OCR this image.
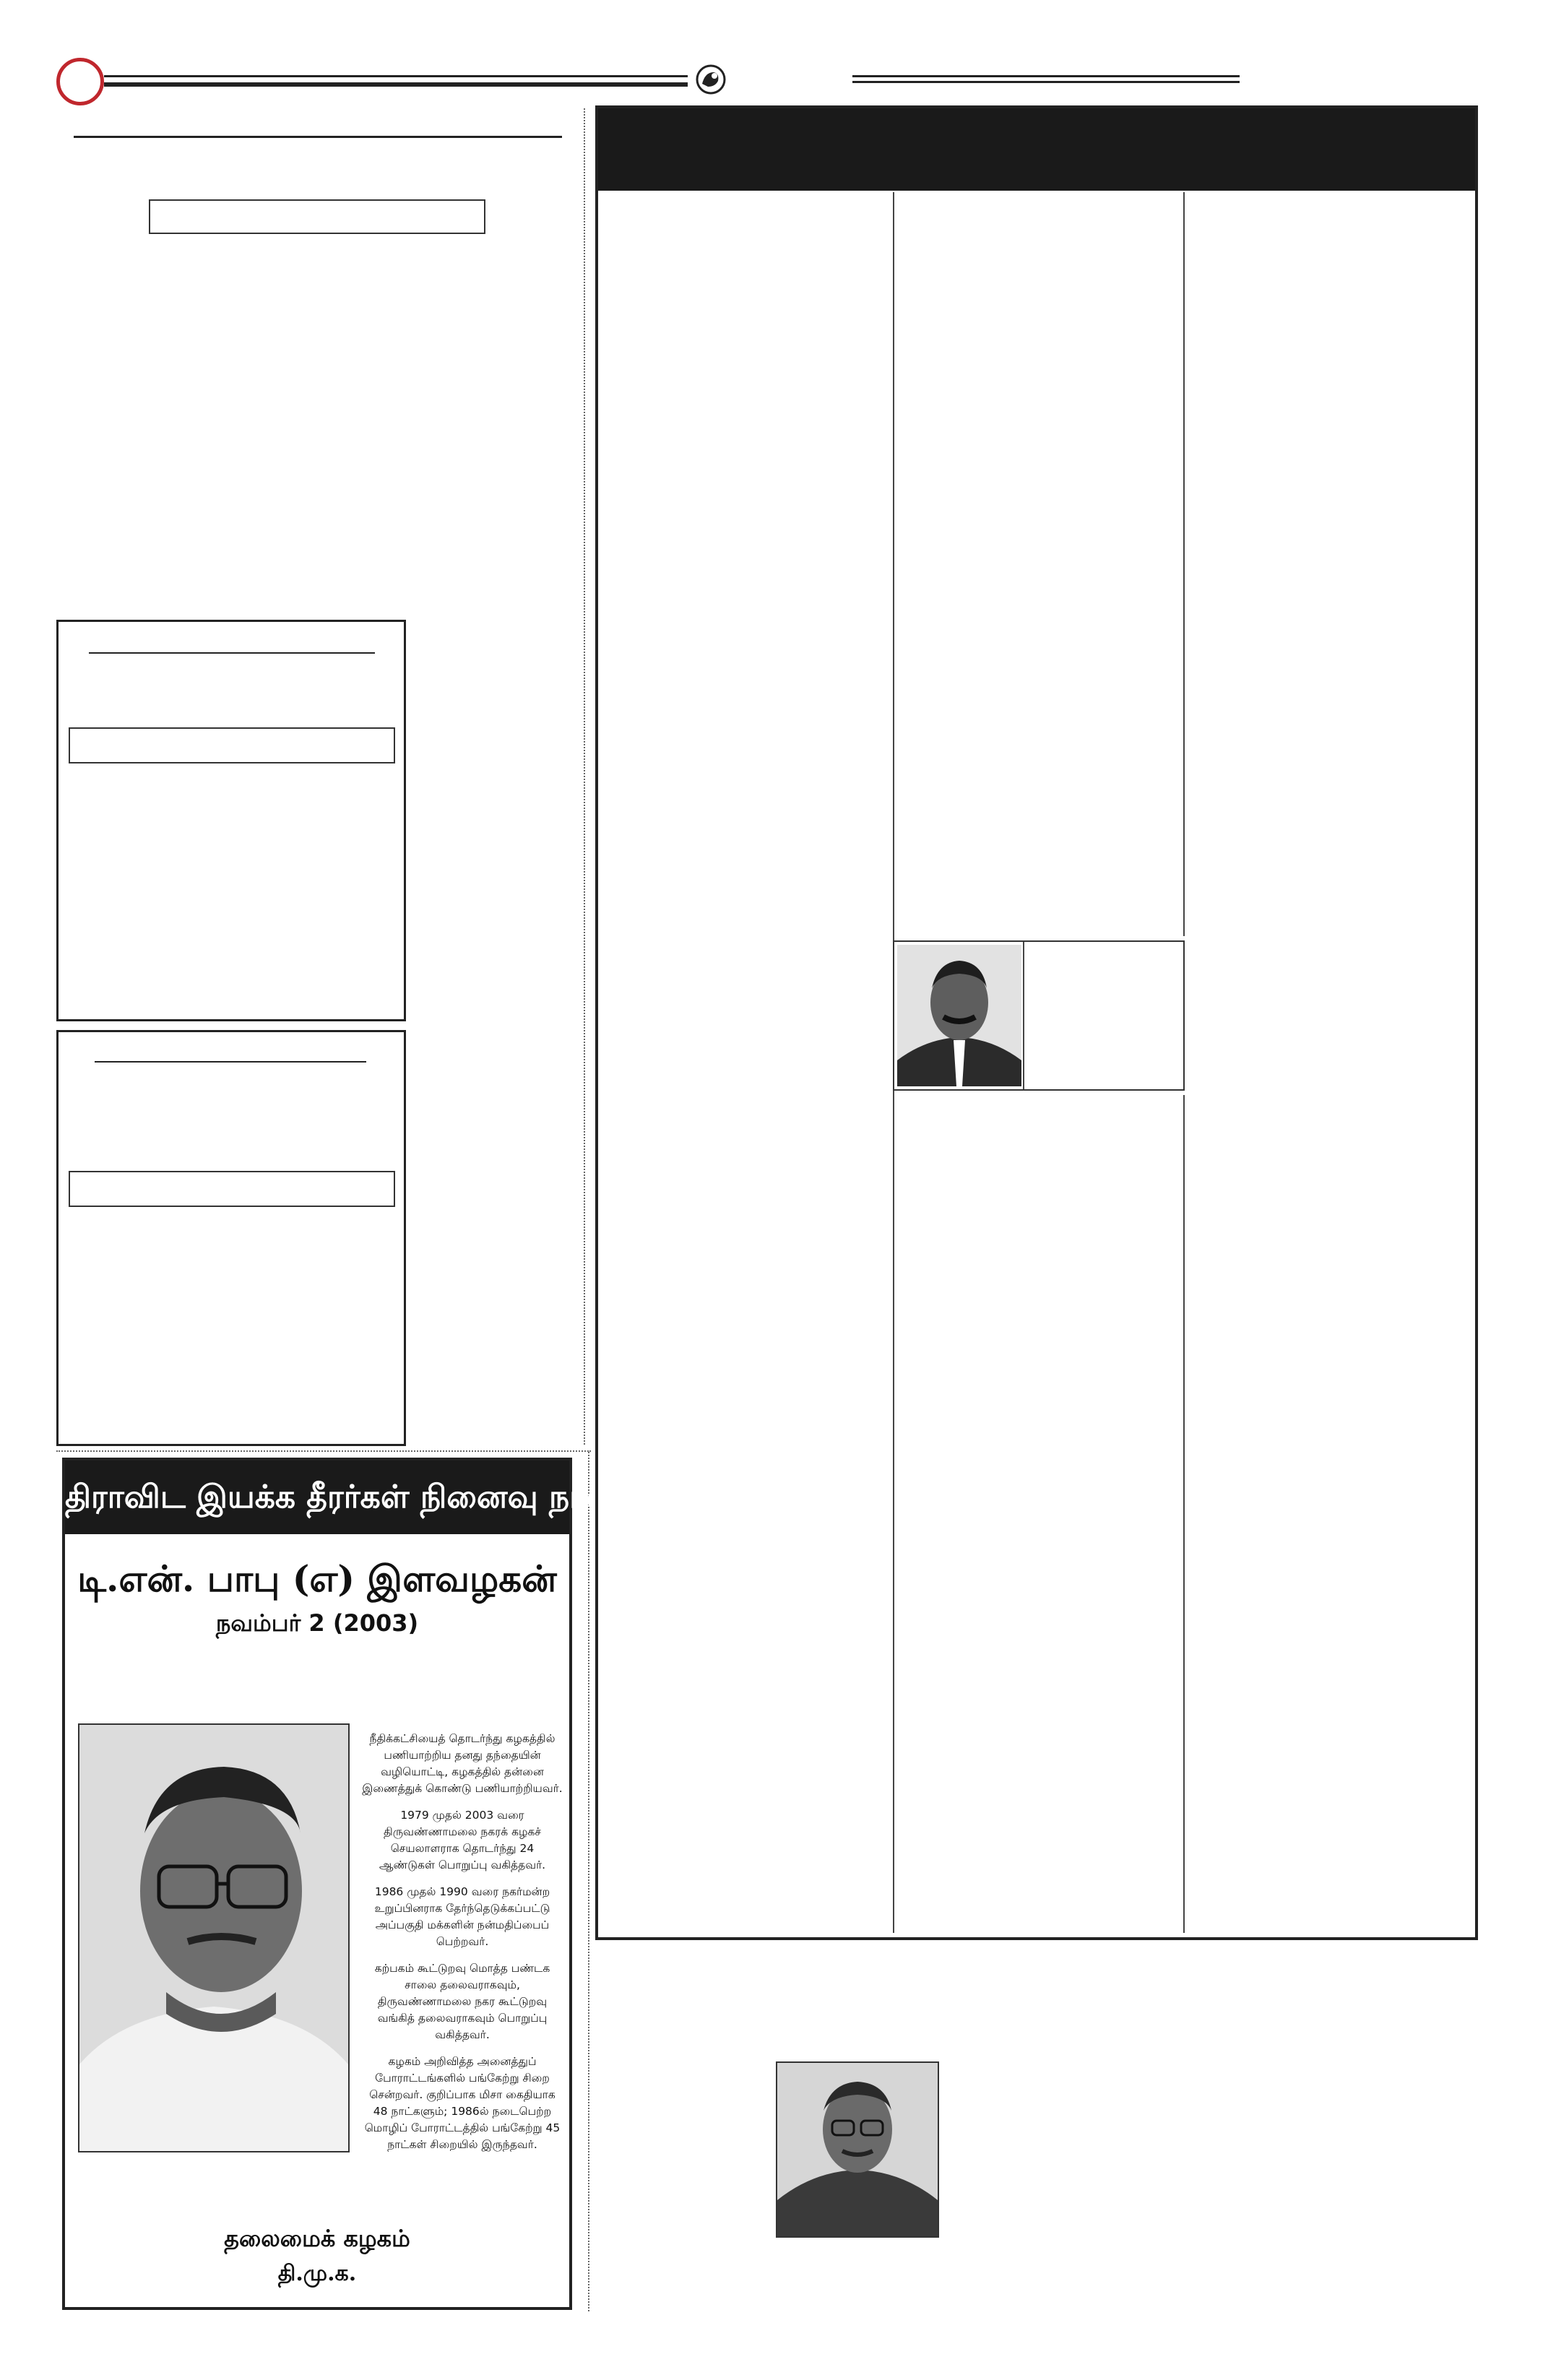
திராவிட இயக்க தீரர்கள் நினைவு நாள்
டி.என். பாபு (எ) இளவழகன்
நவம்பர் 2 (2003)

நீதிக்கட்சியைத் தொடர்ந்து கழகத்தில் பணியாற்றிய தனது தந்தையின் வழியொட்டி, கழகத்தில் தன்னை இணைத்துக் கொண்டு பணியாற்றியவர்.

1979 முதல் 2003 வரை திருவண்ணாமலை நகரக் கழகச் செயலாளராக தொடர்ந்து 24 ஆண்டுகள் பொறுப்பு வகித்தவர்.

1986 முதல் 1990 வரை நகர்மன்ற உறுப்பினராக தேர்ந்தெடுக்கப்பட்டு அப்பகுதி மக்களின் நன்மதிப்பைப் பெற்றவர்.

கற்பகம் கூட்டுறவு மொத்த பண்டக சாலை தலைவராகவும், திருவண்ணாமலை நகர கூட்டுறவு வங்கித் தலைவராகவும் பொறுப்பு வகித்தவர்.

கழகம் அறிவித்த அனைத்துப் போராட்டங்களில் பங்கேற்று சிறை சென்றவர். குறிப்பாக மிசா கைதியாக 48 நாட்களும்; 1986ல் நடைபெற்ற மொழிப் போராட்டத்தில் பங்கேற்று 45 நாட்கள் சிறையில் இருந்தவர்.

தலைமைக் கழகம்
தி.மு.க.
